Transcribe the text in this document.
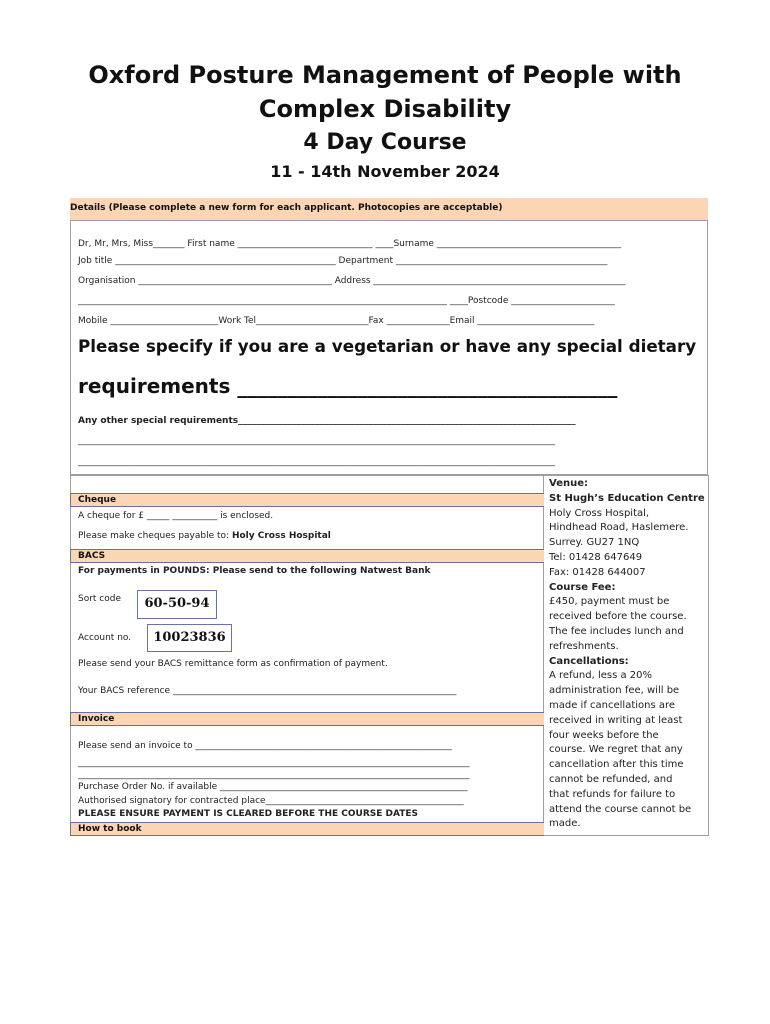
Oxford Posture Management of People with
Complex Disability
4 Day Course
11 - 14th November 2024
Details (Please complete a new form for each applicant. Photocopies are acceptable)
Dr, Mr, Mrs, Miss_______ First name ______________________________ ____Surname _________________________________________
Job title _________________________________________________ Department _______________________________________________
Organisation ___________________________________________ Address ________________________________________________________
__________________________________________________________________________________ ____Postcode _______________________
Mobile ________________________Work Tel_________________________Fax ______________Email __________________________
Please specify if you are a vegetarian or have any special dietary
requirements ______________________________________
Any other special requirements___________________________________________________________________________
__________________________________________________________________________________________________________
__________________________________________________________________________________________________________
Cheque
A cheque for £ _____ __________ is enclosed.
Please make cheques payable to: Holy Cross Hospital
BACS
For payments in POUNDS: Please send to the following Natwest Bank
Sort code	60-50-94
Account no.	10023836
Please send your BACS remittance form as confirmation of payment.
Your BACS reference _______________________________________________________________
Invoice
Please send an invoice to _________________________________________________________
_______________________________________________________________________________________
_______________________________________________________________________________________
Purchase Order No. if available _______________________________________________________
Authorised signatory for contracted place____________________________________________
PLEASE ENSURE PAYMENT IS CLEARED BEFORE THE COURSE DATES
How to book
Venue:
St Hugh’s Education Centre
Holy Cross Hospital,
Hindhead Road, Haslemere.
Surrey. GU27 1NQ
Tel: 01428 647649
Fax: 01428 644007
Course Fee:
£450, payment must be
received before the course.
The fee includes lunch and
refreshments.
Cancellations:
A refund, less a 20%
administration fee, will be
made if cancellations are
received in writing at least
four weeks before the
course. We regret that any
cancellation after this time
cannot be refunded, and
that refunds for failure to
attend the course cannot be
made.
